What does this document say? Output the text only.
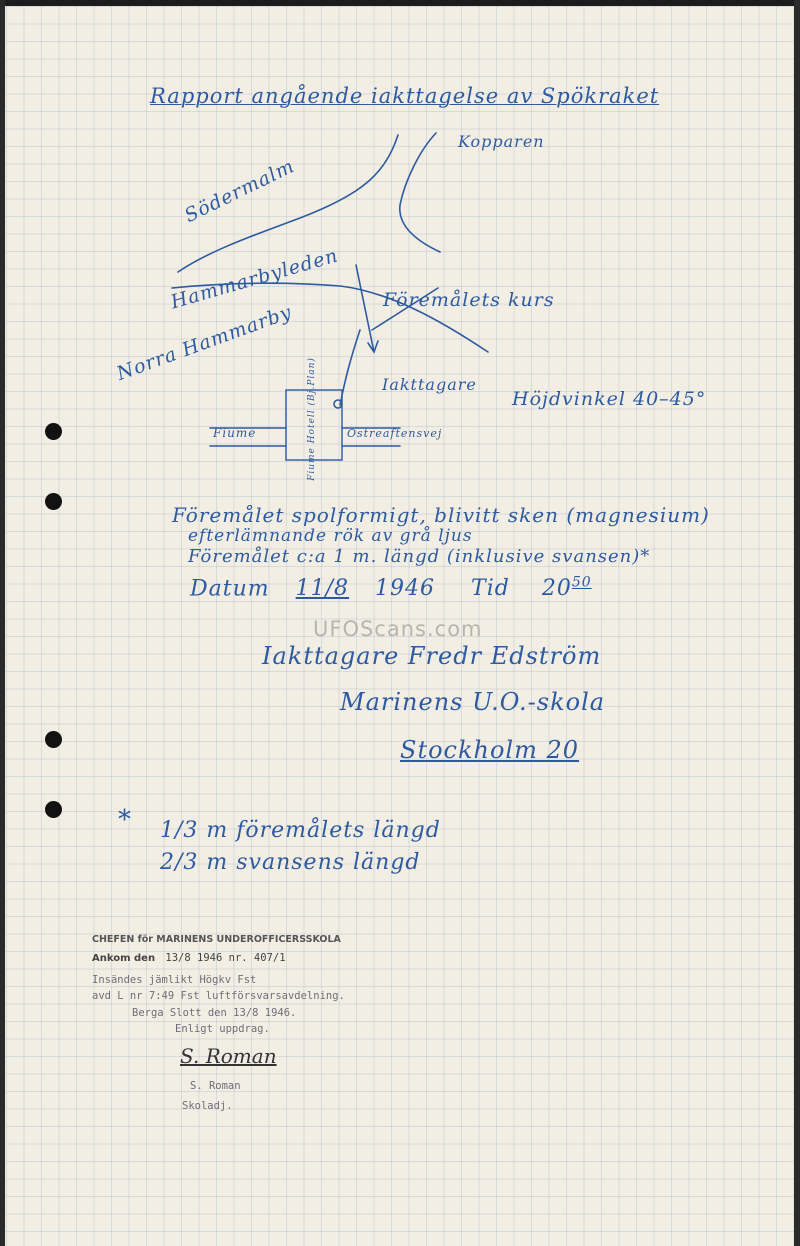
Rapport angående iakttagelse av Spökraket
Södermalm
Kopparen
Hammarbyleden
Norra Hammarby
Föremålets kurs
Iakttagare
Höjdvinkel 40–45°
Fiume	Fiume Hotell (Bj.Plan)	Ostreaftensvej
Föremålet spolformigt, blivitt sken (magnesium)
efterlämnande rök av grå ljus
Föremålet c:a 1 m. längd (inklusive svansen)*
Datum 11/8 1946 Tid $20^{50}$
UFOScans.com
Iakttagare Fredr Edström
Marinens U.O.-skola
Stockholm 20
* 1/3 m föremålets längd
2/3 m svansens längd
CHEFEN för MARINENS UNDEROFFICERSSKOLA
Ankom den 13/8 1946 nr. 407/1
Insändes jämlikt Högkv Fst
avd L nr 7:49 Fst luftförsvarsavdelning.
Berga Slott den 13/8 1946.
Enligt uppdrag.
S. Roman
S. Roman
Skoladj.
